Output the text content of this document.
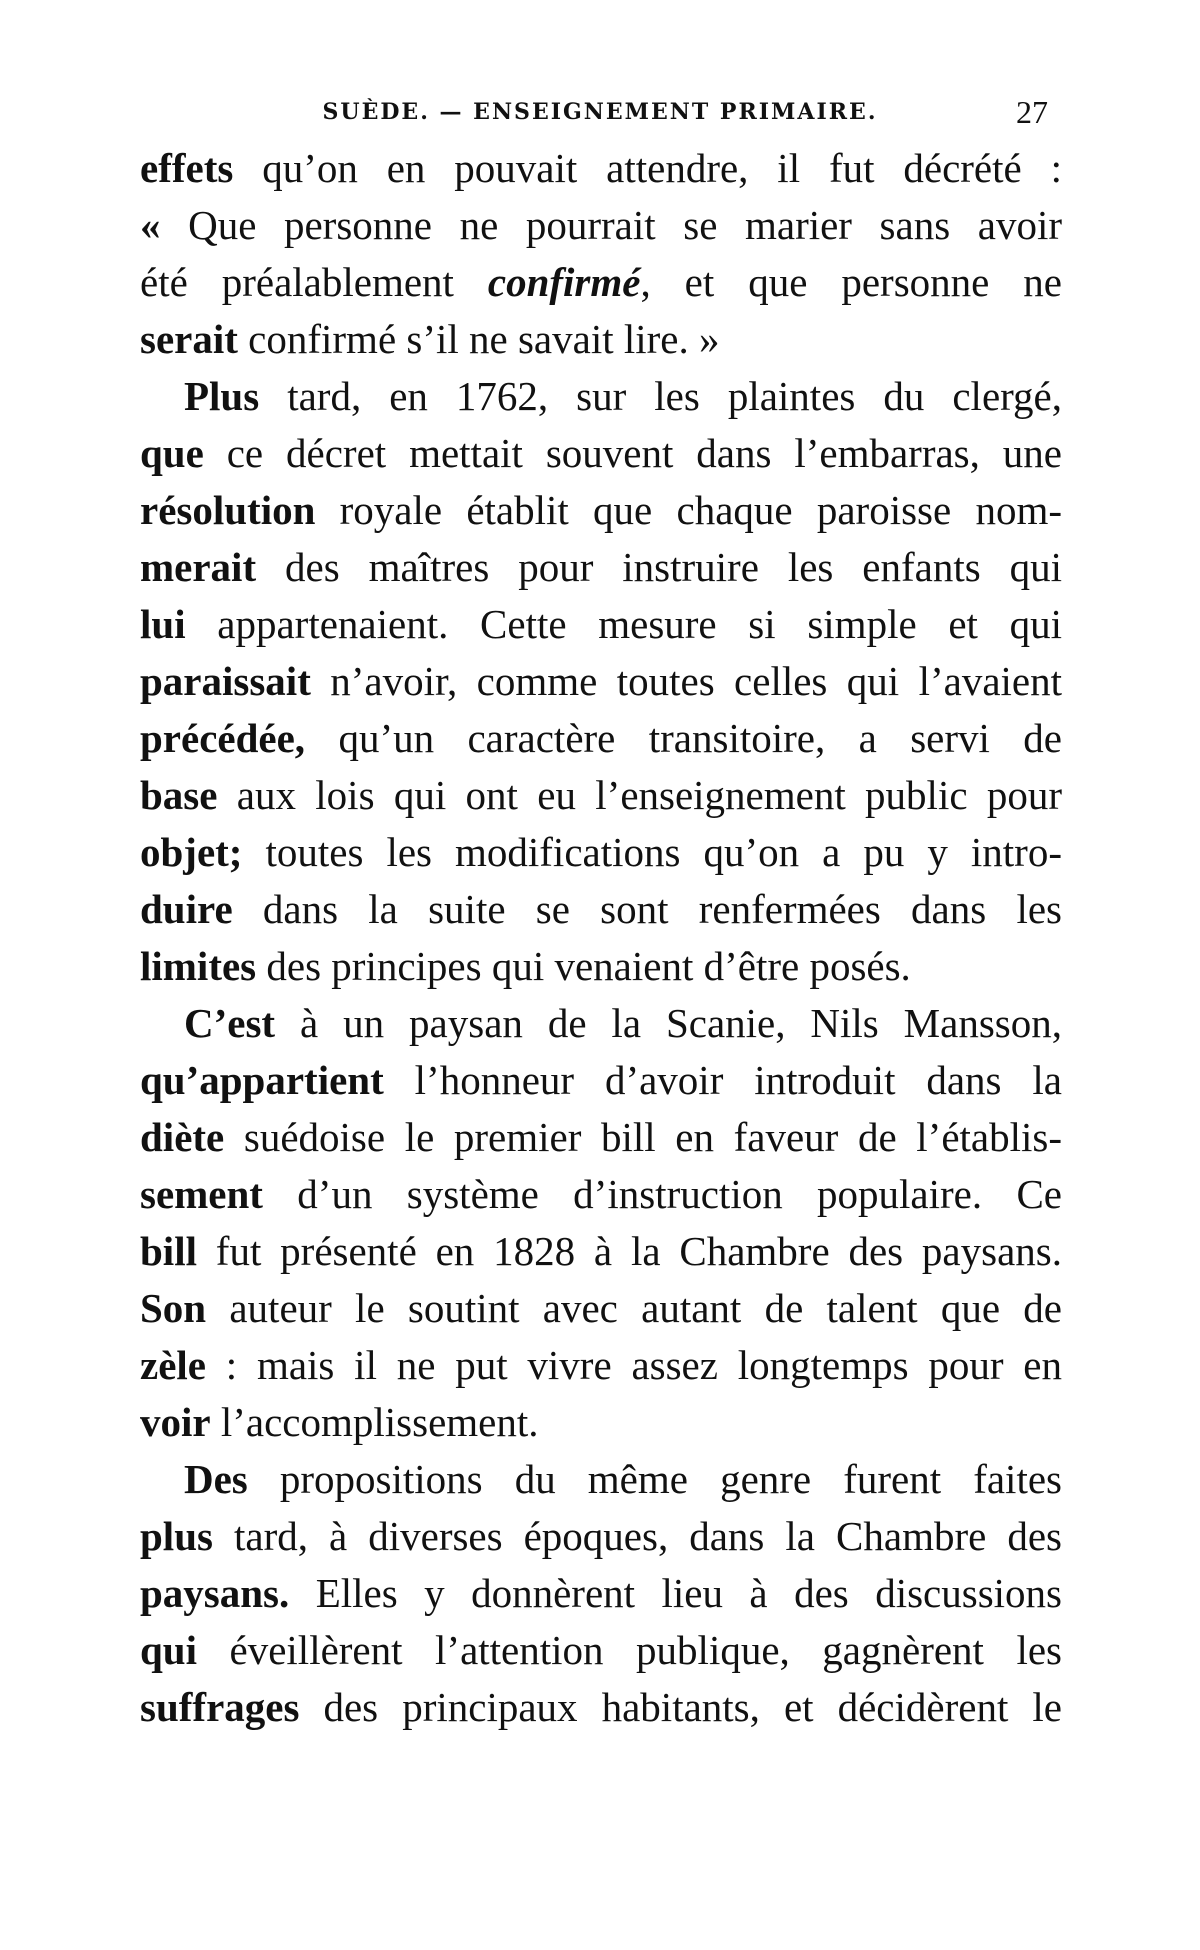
SUÈDE. — ENSEIGNEMENT PRIMAIRE.	27
effets qu’on en pouvait attendre, il fut décrété :
« Que personne ne pourrait se marier sans avoir
été préalablement confirmé, et que personne ne
serait confirmé s’il ne savait lire. »
Plus tard, en 1762, sur les plaintes du clergé,
que ce décret mettait souvent dans l’embarras, une
résolution royale établit que chaque paroisse nom-
merait des maîtres pour instruire les enfants qui
lui appartenaient. Cette mesure si simple et qui
paraissait n’avoir, comme toutes celles qui l’avaient
précédée, qu’un caractère transitoire, a servi de
base aux lois qui ont eu l’enseignement public pour
objet; toutes les modifications qu’on a pu y intro-
duire dans la suite se sont renfermées dans les
limites des principes qui venaient d’être posés.
C’est à un paysan de la Scanie, Nils Mansson,
qu’appartient l’honneur d’avoir introduit dans la
diète suédoise le premier bill en faveur de l’établis-
sement d’un système d’instruction populaire. Ce
bill fut présenté en 1828 à la Chambre des paysans.
Son auteur le soutint avec autant de talent que de
zèle : mais il ne put vivre assez longtemps pour en
voir l’accomplissement.
Des propositions du même genre furent faites
plus tard, à diverses époques, dans la Chambre des
paysans. Elles y donnèrent lieu à des discussions
qui éveillèrent l’attention publique, gagnèrent les
suffrages des principaux habitants, et décidèrent le
